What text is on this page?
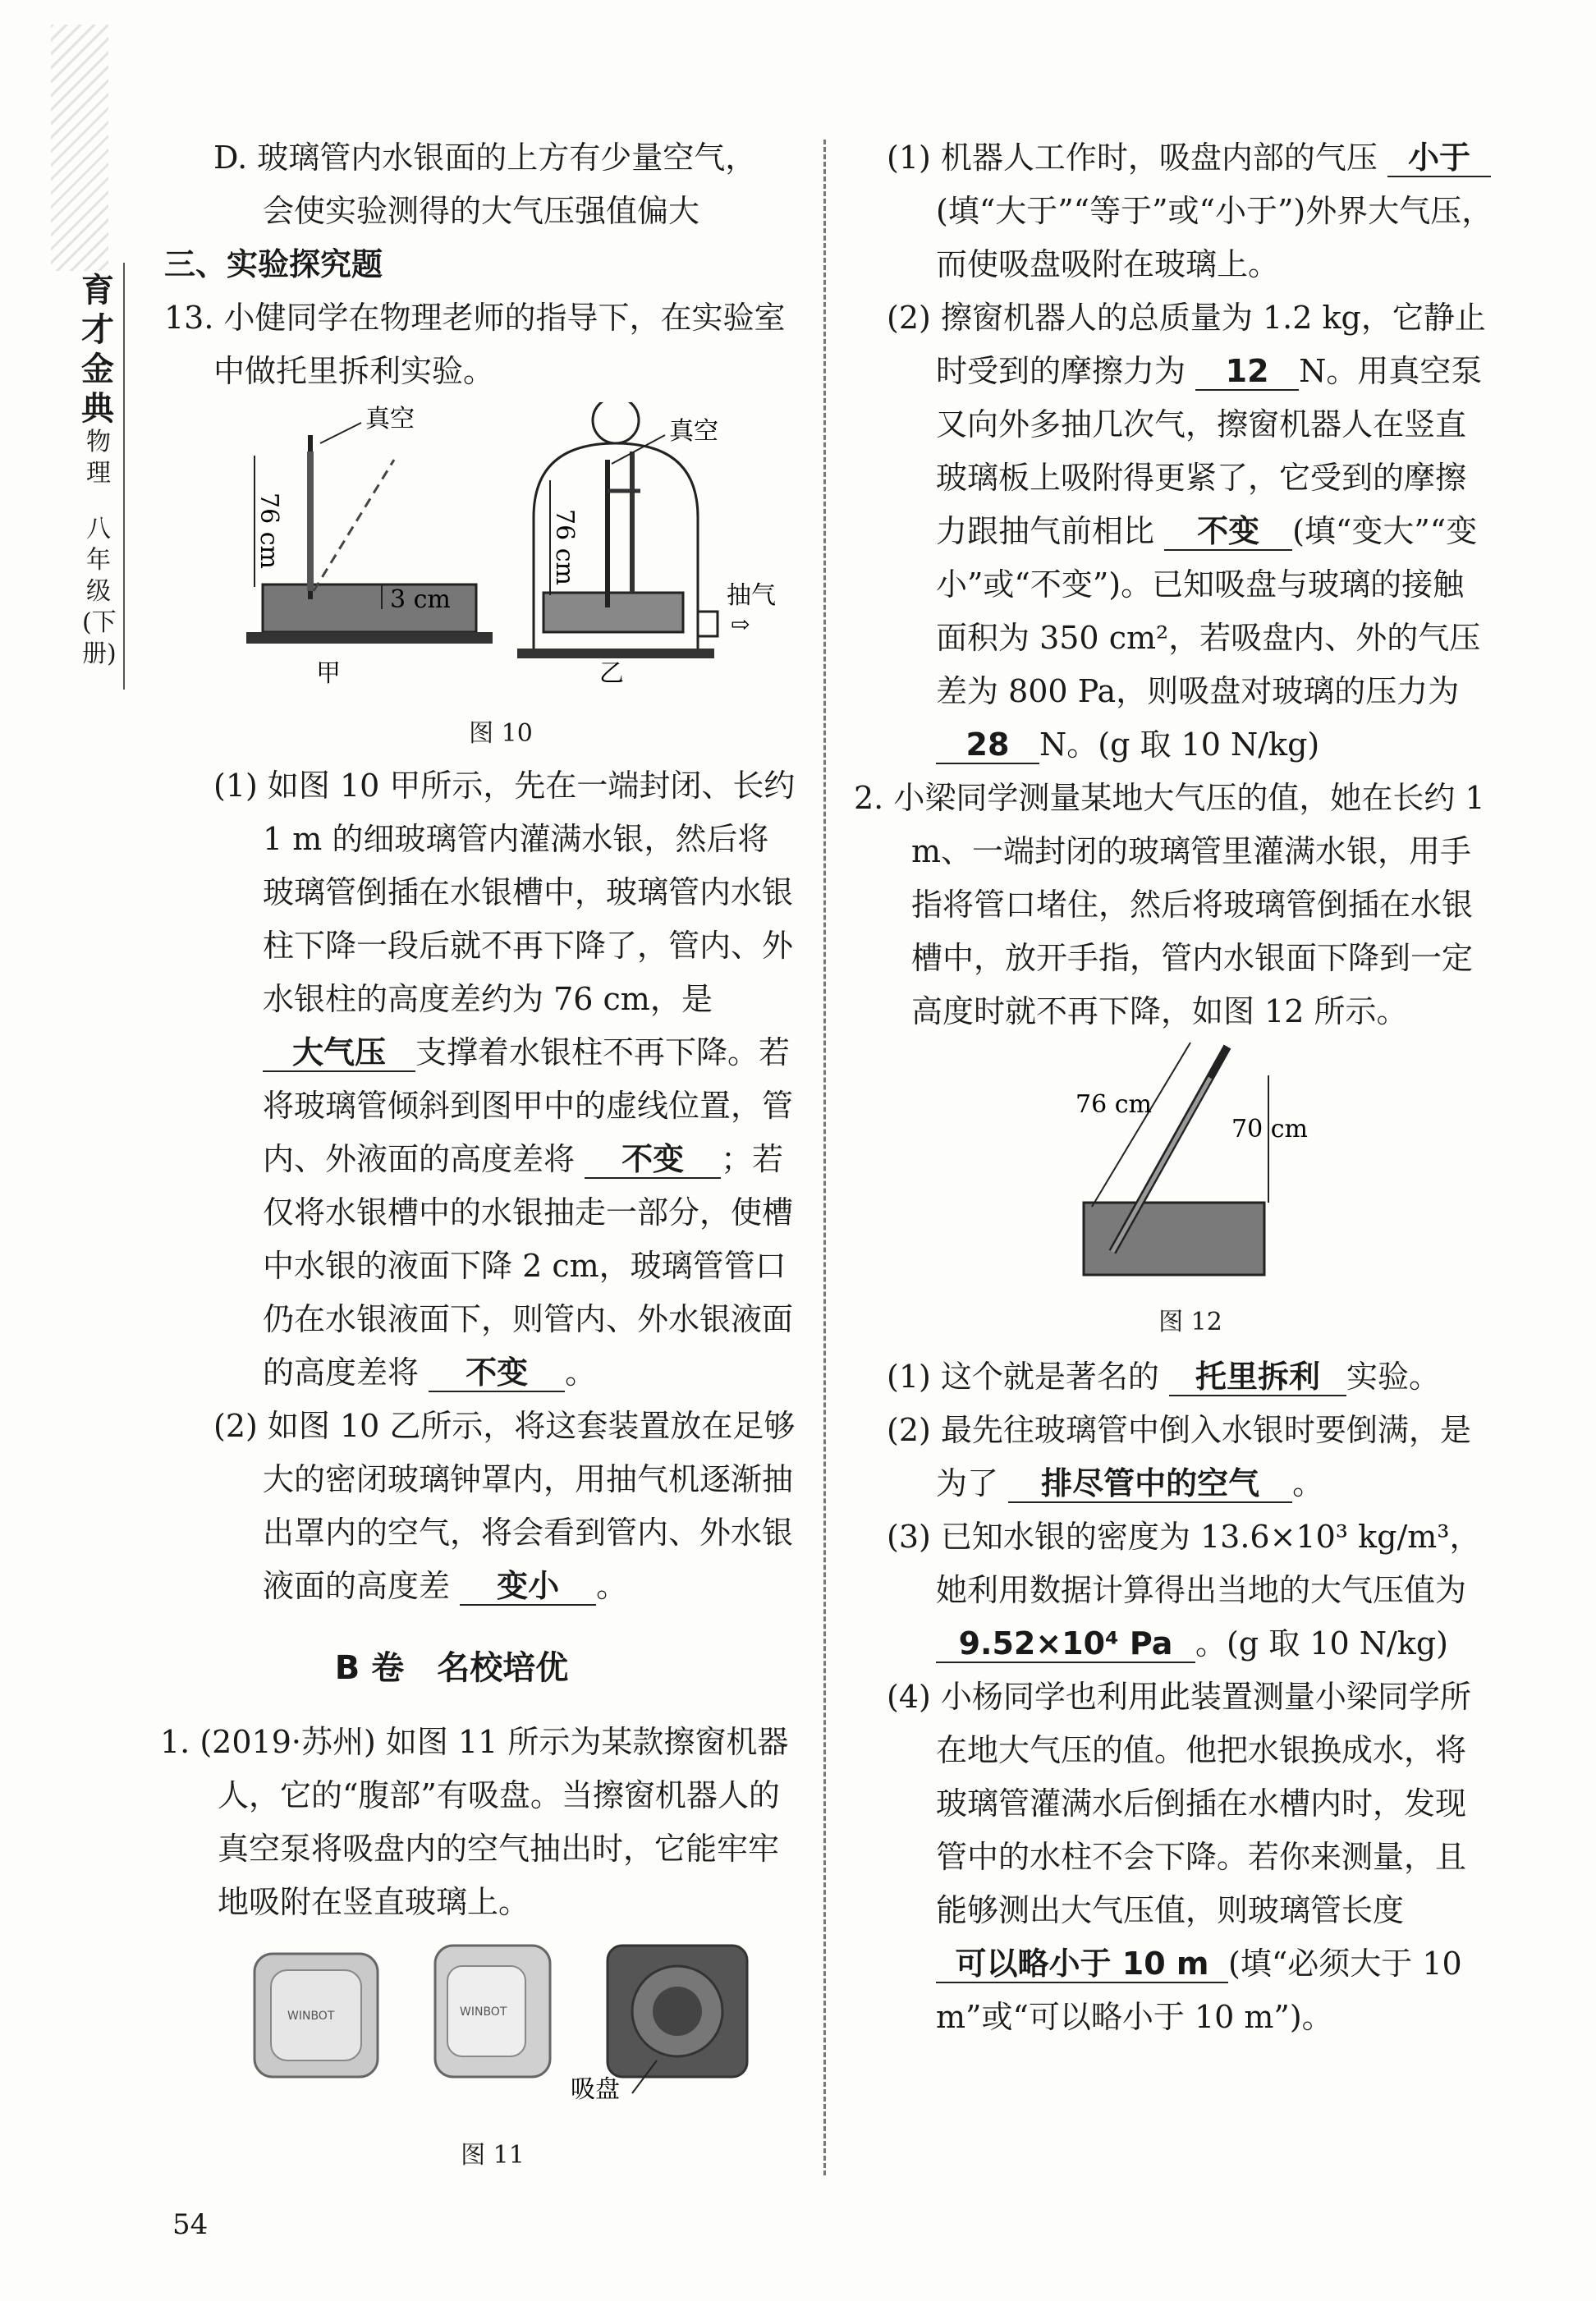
育才金典
物理
八年级(下册)

D. 玻璃管内水银面的上方有少量空气，
会使实验测得的大气压强值偏大

三、实验探究题

13. 小健同学在物理老师的指导下，在实验室中做托里拆利实验。

76 cm
真空
3 cm
76 cm
真空
抽气
⇨
甲	乙
图 10

(1) 如图 10 甲所示，先在一端封闭、长约 1 m 的细玻璃管内灌满水银，然后将玻璃管倒插在水银槽中，玻璃管内水银柱下降一段后就不再下降了，管内、外水银柱的高度差约为 76 cm，是 大气压 支撑着水银柱不再下降。若将玻璃管倾斜到图甲中的虚线位置，管内、外液面的高度差将 不变 ；若仅将水银槽中的水银抽走一部分，使槽中水银的液面下降 2 cm，玻璃管管口仍在水银液面下，则管内、外水银液面的高度差将 不变 。

(2) 如图 10 乙所示，将这套装置放在足够大的密闭玻璃钟罩内，用抽气机逐渐抽出罩内的空气，将会看到管内、外水银液面的高度差 变小 。

B 卷　名校培优

1. (2019·苏州) 如图 11 所示为某款擦窗机器人，它的“腹部”有吸盘。当擦窗机器人的真空泵将吸盘内的空气抽出时，它能牢牢地吸附在竖直玻璃上。

WINBOT	WINBOT
吸盘
图 11

(1) 机器人工作时，吸盘内部的气压 小于(填“大于”“等于”或“小于”)外界大气压，而使吸盘吸附在玻璃上。

(2) 擦窗机器人的总质量为 1.2 kg，它静止时受到的摩擦力为 12 N。用真空泵又向外多抽几次气，擦窗机器人在竖直玻璃板上吸附得更紧了，它受到的摩擦力跟抽气前相比 不变 (填“变大”“变小”或“不变”)。已知吸盘与玻璃的接触面积为 350 cm²，若吸盘内、外的气压差为 800 Pa，则吸盘对玻璃的压力为 28 N。(g 取 10 N/kg)

2. 小梁同学测量某地大气压的值，她在长约 1 m、一端封闭的玻璃管里灌满水银，用手指将管口堵住，然后将玻璃管倒插在水银槽中，放开手指，管内水银面下降到一定高度时就不再下降，如图 12 所示。

76 cm
70 cm
图 12

(1) 这个就是著名的 托里拆利 实验。

(2) 最先往玻璃管中倒入水银时要倒满，是为了 排尽管中的空气 。

(3) 已知水银的密度为 13.6×10³ kg/m³，她利用数据计算得出当地的大气压值为 9.52×10⁴ Pa 。(g 取 10 N/kg)

(4) 小杨同学也利用此装置测量小梁同学所在地大气压的值。他把水银换成水，将玻璃管灌满水后倒插在水槽内时，发现管中的水柱不会下降。若你来测量，且能够测出大气压值，则玻璃管长度 可以略小于 10 m (填“必须大于 10 m”或“可以略小于 10 m”)。

54
